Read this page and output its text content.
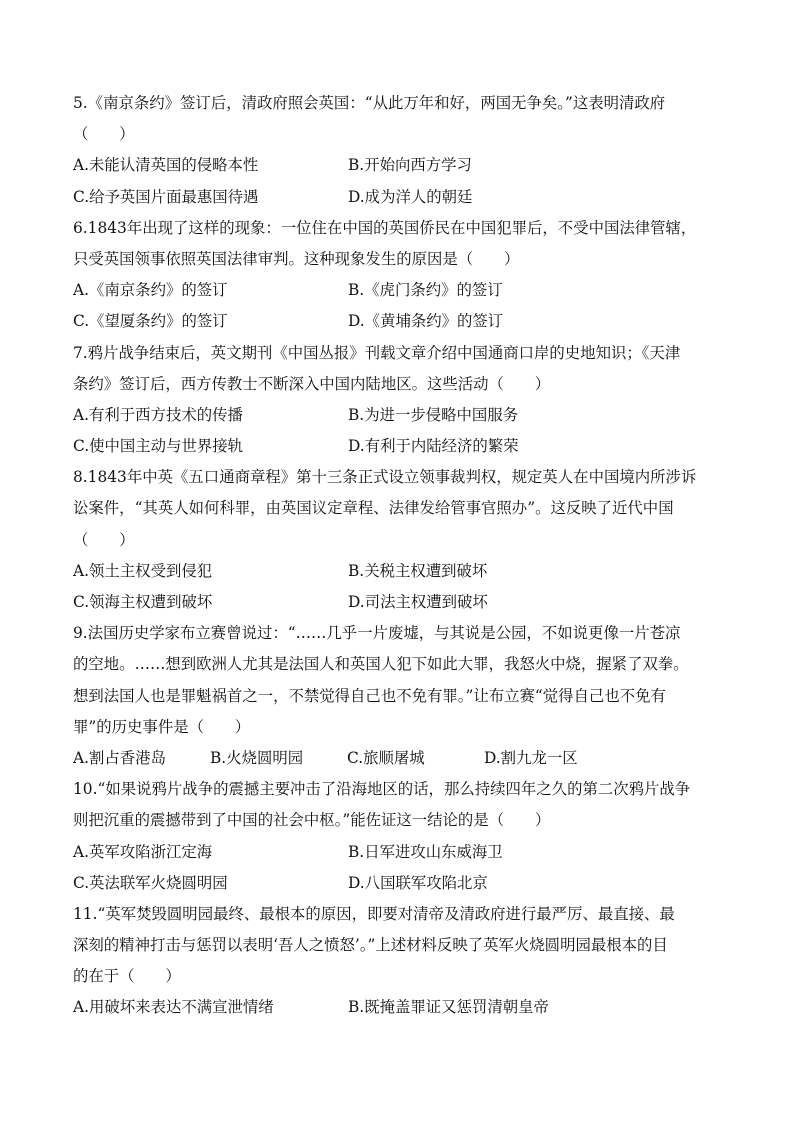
5.《南京条约》签订后，清政府照会英国：“从此万年和好，两国无争矣。”这表明清政府
（　　）
A.未能认清英国的侵略本性	B.开始向西方学习
C.给予英国片面最惠国待遇	D.成为洋人的朝廷
6.1843年出现了这样的现象：一位住在中国的英国侨民在中国犯罪后，不受中国法律管辖，
只受英国领事依照英国法律审判。这种现象发生的原因是（　　）
A.《南京条约》的签订	B.《虎门条约》的签订
C.《望厦条约》的签订	D.《黄埔条约》的签订
7.鸦片战争结束后，英文期刊《中国丛报》刊载文章介绍中国通商口岸的史地知识；《天津
条约》签订后，西方传教士不断深入中国内陆地区。这些活动（　　）
A.有利于西方技术的传播	B.为进一步侵略中国服务
C.使中国主动与世界接轨	D.有利于内陆经济的繁荣
8.1843年中英《五口通商章程》第十三条正式设立领事裁判权，规定英人在中国境内所涉诉
讼案件，“其英人如何科罪，由英国议定章程、法律发给管事官照办”。这反映了近代中国
（　　）
A.领土主权受到侵犯	B.关税主权遭到破坏
C.领海主权遭到破坏	D.司法主权遭到破坏
9.法国历史学家布立赛曾说过：“……几乎一片废墟，与其说是公园，不如说更像一片苍凉
的空地。……想到欧洲人尤其是法国人和英国人犯下如此大罪，我怒火中烧，握紧了双拳。
想到法国人也是罪魁祸首之一，不禁觉得自己也不免有罪。”让布立赛“觉得自己也不免有
罪”的历史事件是（　　）
A.割占香港岛	B.火烧圆明园	C.旅顺屠城	D.割九龙一区
10.“如果说鸦片战争的震撼主要冲击了沿海地区的话，那么持续四年之久的第二次鸦片战争
则把沉重的震撼带到了中国的社会中枢。”能佐证这一结论的是（　　）
A.英军攻陷浙江定海	B.日军进攻山东威海卫
C.英法联军火烧圆明园	D.八国联军攻陷北京
11.“英军焚毁圆明园最终、最根本的原因，即要对清帝及清政府进行最严厉、最直接、最
深刻的精神打击与惩罚以表明‘吾人之愤怒’。”上述材料反映了英军火烧圆明园最根本的目
的在于（　　）
A.用破坏来表达不满宣泄情绪	B.既掩盖罪证又惩罚清朝皇帝
